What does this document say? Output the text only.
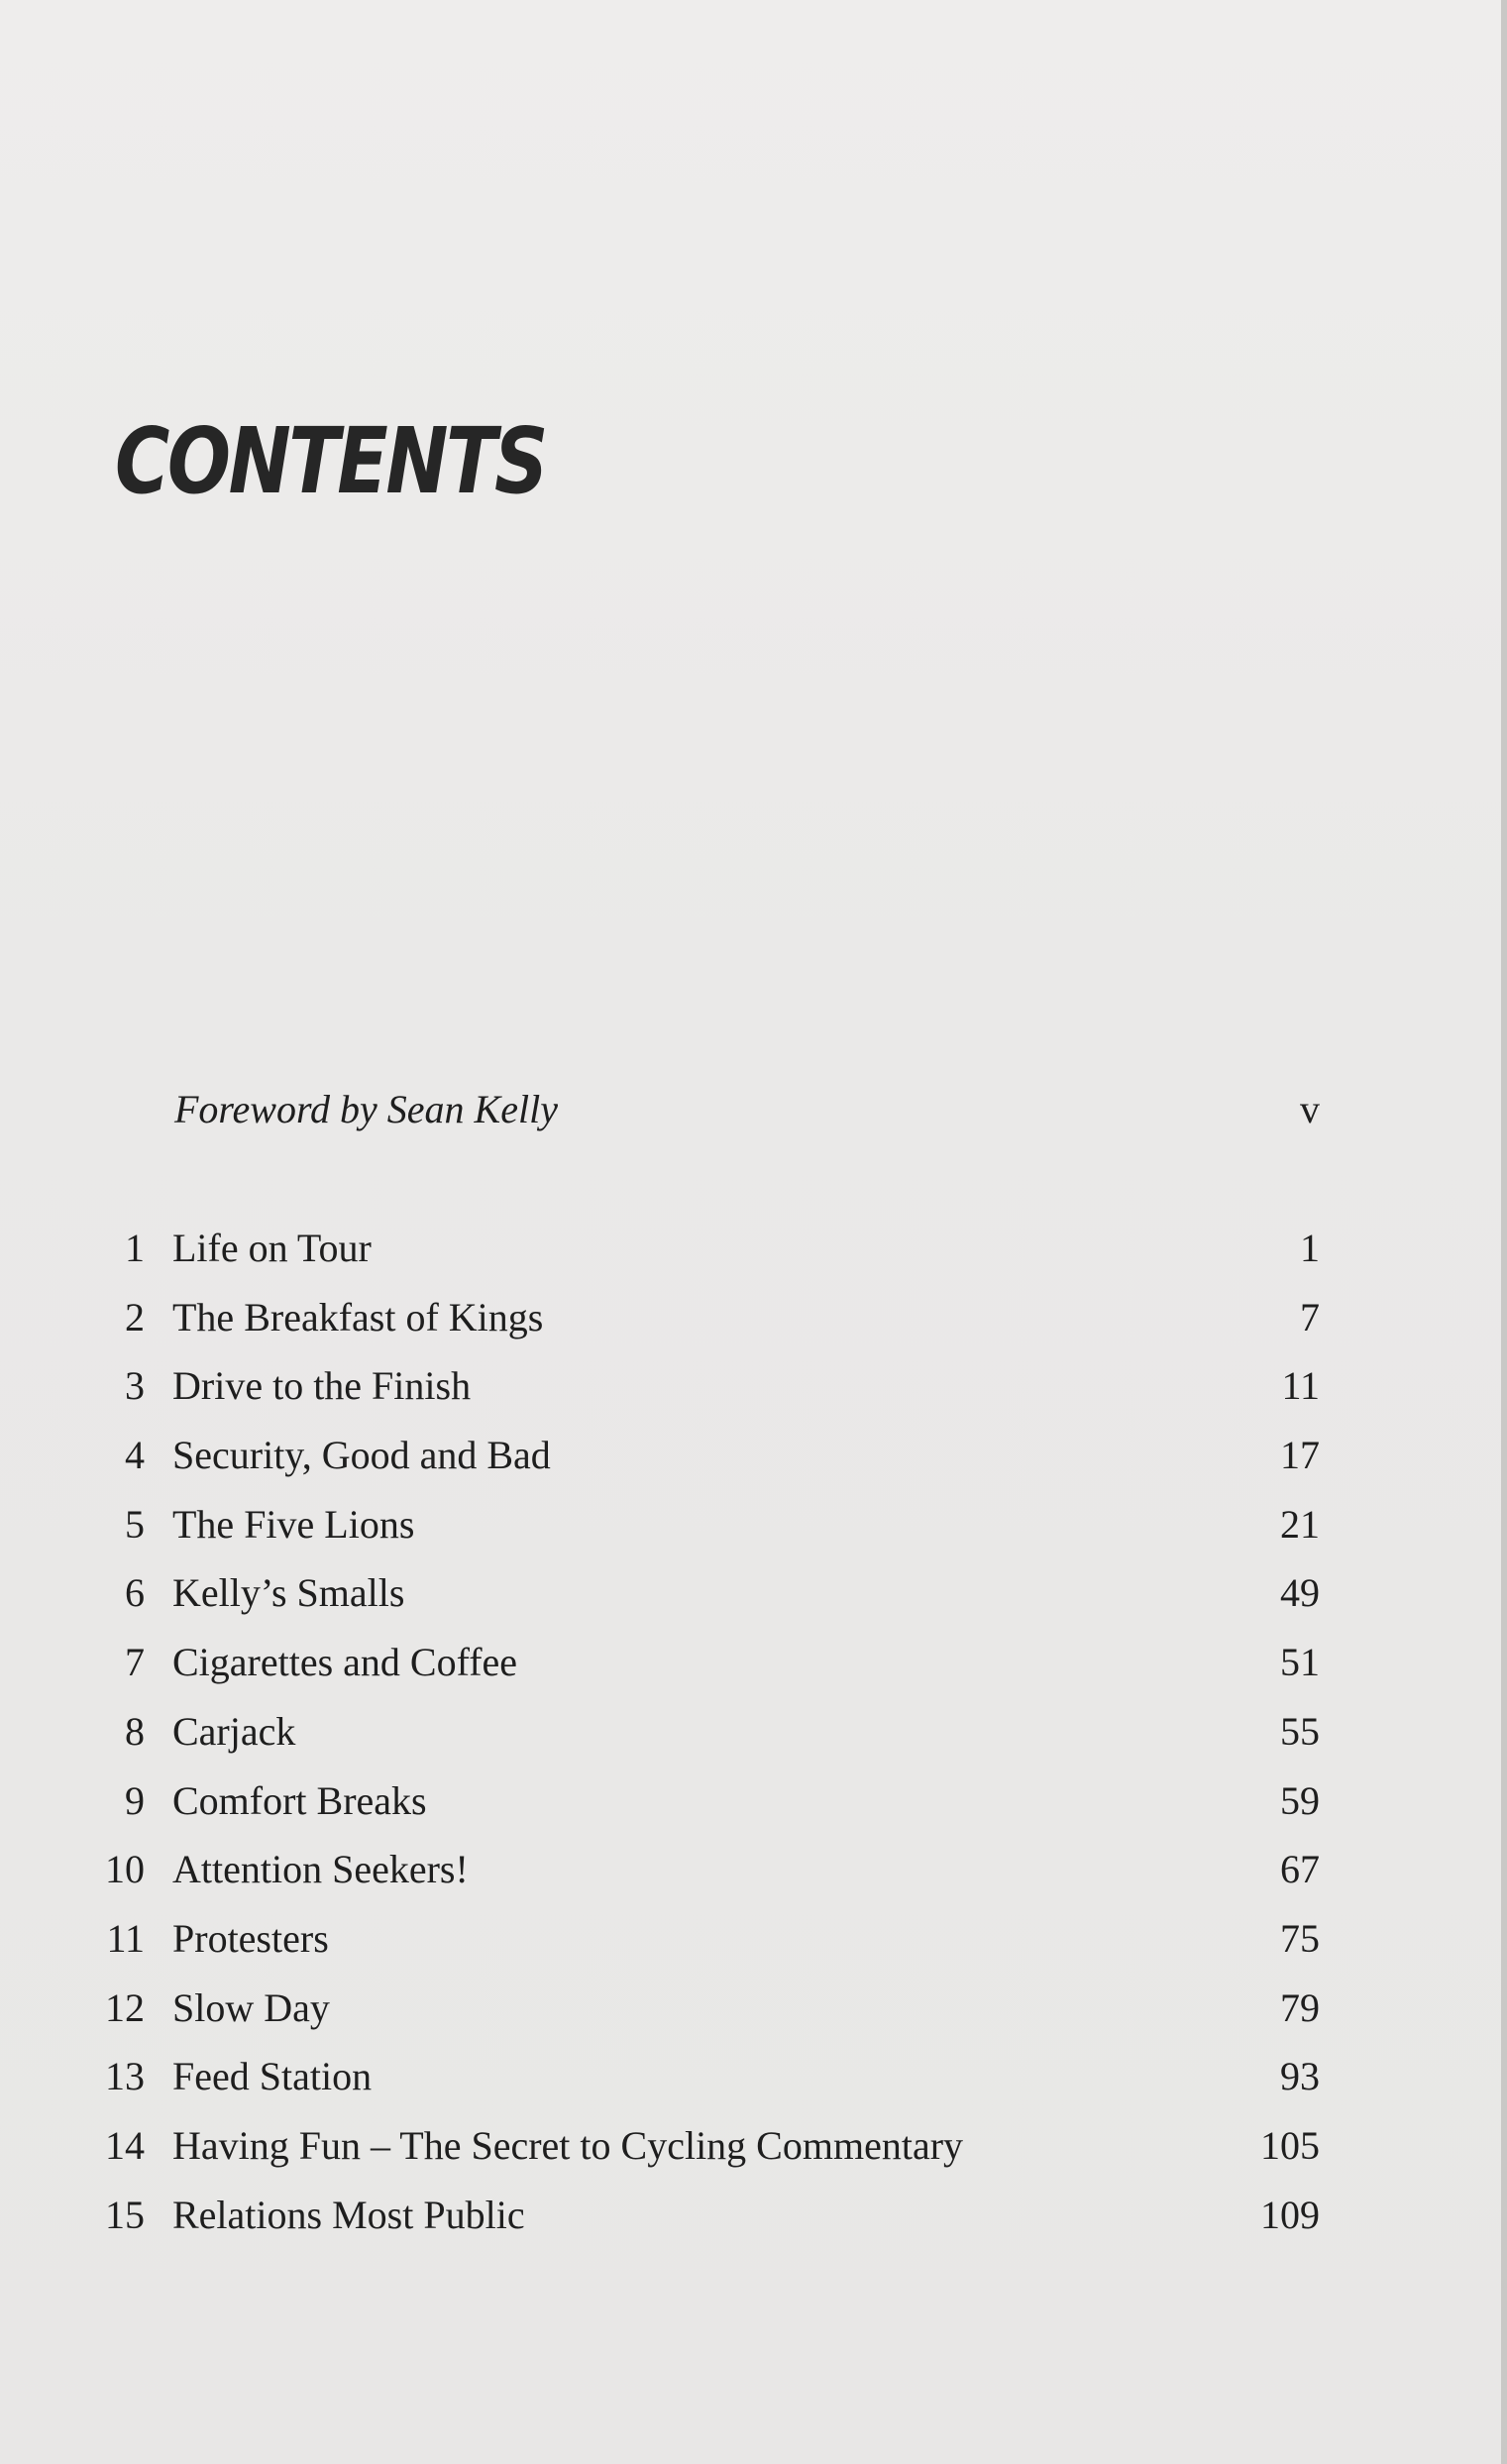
CONTENTS
Foreword by Sean Kelly	v
1 Life on Tour	1
2 The Breakfast of Kings	7
3 Drive to the Finish	11
4 Security, Good and Bad	17
5 The Five Lions	21
6 Kelly’s Smalls	49
7 Cigarettes and Coffee	51
8 Carjack	55
9 Comfort Breaks	59
10 Attention Seekers!	67
11 Protesters	75
12 Slow Day	79
13 Feed Station	93
14 Having Fun – The Secret to Cycling Commentary	105
15 Relations Most Public	109
